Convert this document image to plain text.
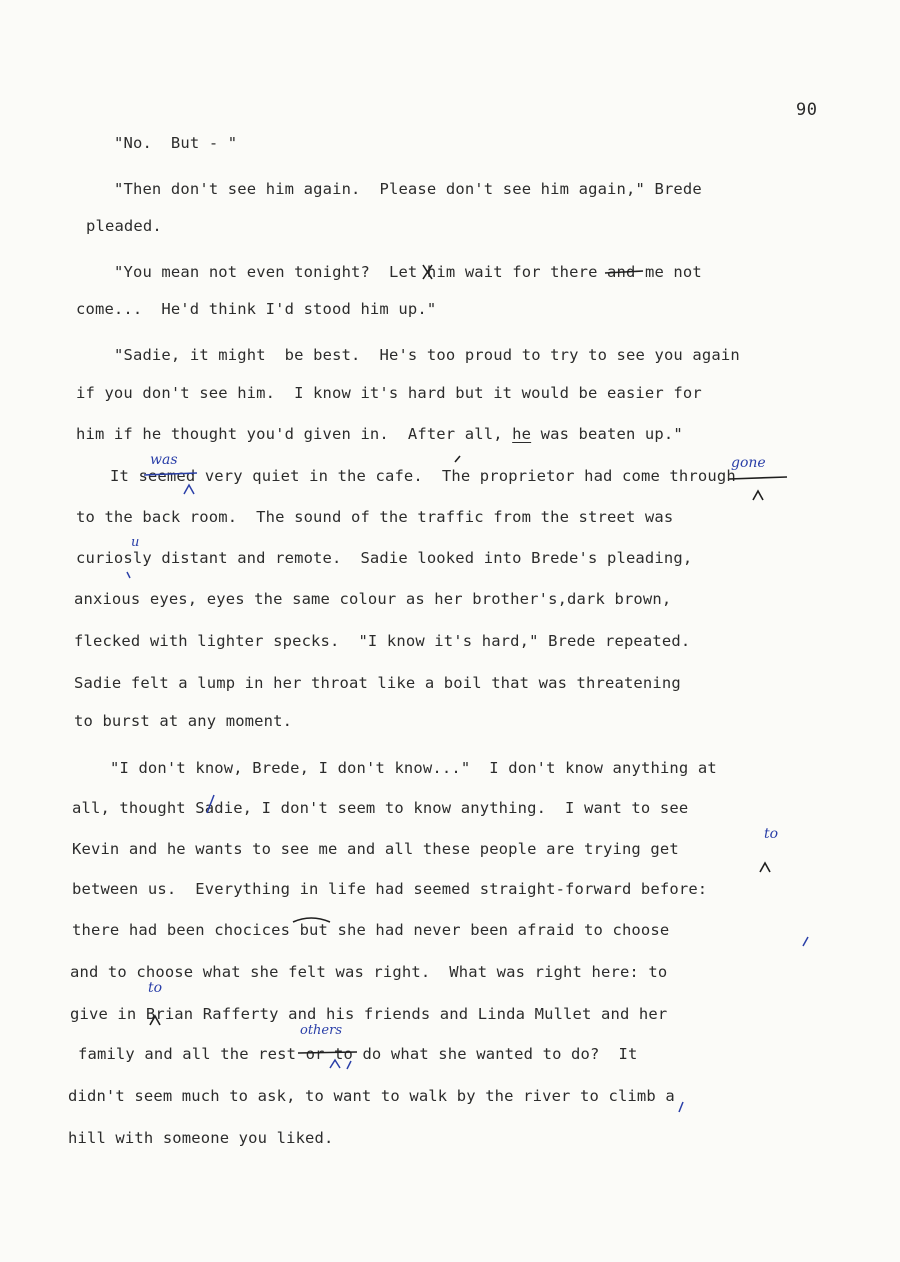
90
"No.  But - "
"Then don't see him again.  Please don't see him again," Brede
pleaded.
"You mean not even tonight?  Let him wait for there and me not
come...  He'd think I'd stood him up."
"Sadie, it might  be best.  He's too proud to try to see you again
if you don't see him.  I know it's hard but it would be easier for
him if he thought you'd given in.  After all, he was beaten up."
It seemed very quiet in the cafe.  The proprietor had come through
to the back room.  The sound of the traffic from the street was
curiosly distant and remote.  Sadie looked into Brede's pleading,
anxious eyes, eyes the same colour as her brother's,dark brown,
flecked with lighter specks.  "I know it's hard," Brede repeated.
Sadie felt a lump in her throat like a boil that was threatening
to burst at any moment.
"I don't know, Brede, I don't know..."  I don't know anything at
all, thought Sadie, I don't seem to know anything.  I want to see
Kevin and he wants to see me and all these people are trying get
between us.  Everything in life had seemed straight-forward before:
there had been chocices but she had never been afraid to choose
and to choose what she felt was right.  What was right here: to
give in Brian Rafferty and his friends and Linda Mullet and her
family and all the rest or to do what she wanted to do?  It
didn't seem much to ask, to want to walk by the river to climb a
hill with someone you liked.
was	gone
u
to
to
others
